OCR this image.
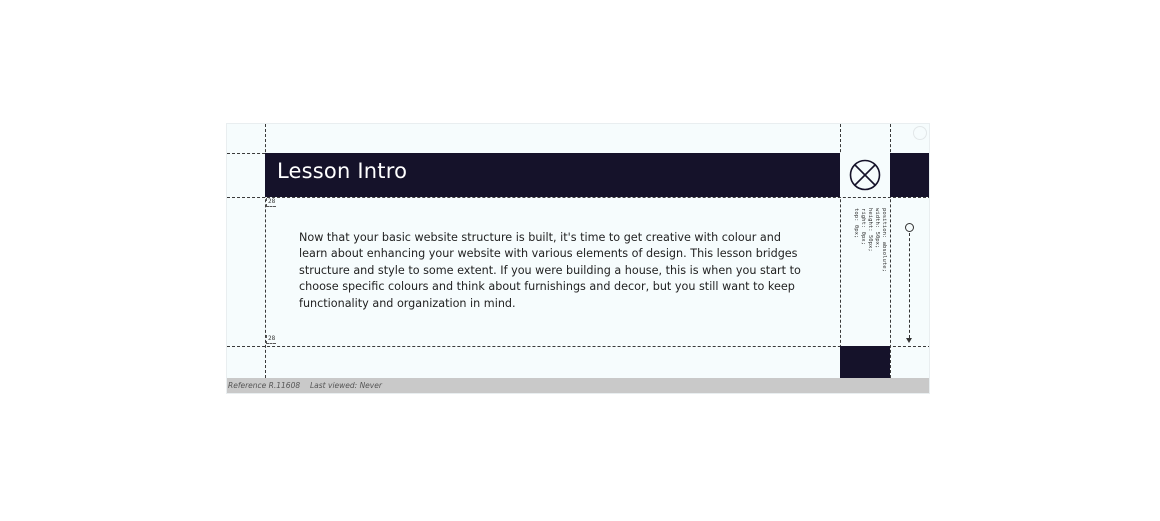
Lesson Intro
28
28
Now that your basic website structure is built, it's time to get creative with colour and learn about enhancing your website with various elements of design. This lesson bridges structure and style to some extent. If you were building a house, this is when you start to choose specific colours and think about furnishings and decor, but you still want to keep functionality and organization in mind.
position: absolute;
width: 50px;
height: 50px;
right: 0px;
top: 0px;
Reference R.11608 Last viewed: Never
